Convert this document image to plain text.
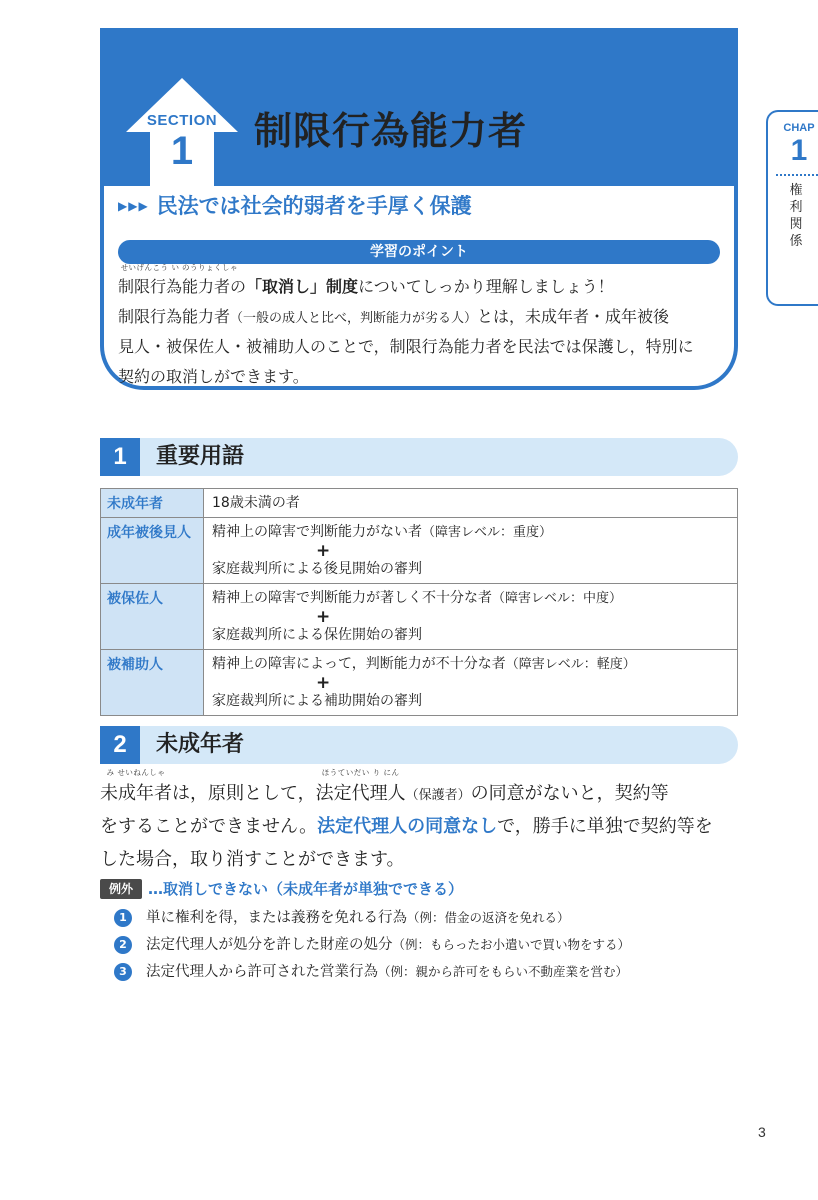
SECTION
1	制限行為能力者
▶▶▶ 民法では社会的弱者を手厚く保護
学習のポイント
せいげんこう い
制限行為
のうりょくしゃ
能力者の「取消し」制度についてしっかり理解しましょう！
制限行為能力者（一般の成人と比べ，判断能力が劣る人）とは，未成年者・成年被後
見人・被保佐人・被補助人のことで，制限行為能力者を民法では保護し，特別に
契約の取消しができます。
CHAP
1
権
利
関
係
1	重要用語
未成年者	18歳未満の者

成年被後見人	精神上の障害で判断能力がない者（障害レベル：重度）
+
家庭裁判所による後見開始の審判

被保佐人	精神上の障害で判断能力が著しく不十分な者（障害レベル：中度）
+
家庭裁判所による保佐開始の審判

被補助人	精神上の障害によって，判断能力が不十分な者（障害レベル：軽度）
+
家庭裁判所による補助開始の審判
2	未成年者
み せいねんしゃ
未成年者は，原則として，
ほうていだい り にん
法定代理人（保護者）の同意がないと，契約等
をすることができません。法定代理人の同意なしで，勝手に単独で契約等を
した場合，取り消すことができます。
例外 …取消しできない（未成年者が単独でできる）
1 単に権利を得，または義務を免れる行為（例：借金の返済を免れる）
2 法定代理人が処分を許した財産の処分（例：もらったお小遣いで買い物をする）
3 法定代理人から許可された営業行為（例：親から許可をもらい不動産業を営む）
3
